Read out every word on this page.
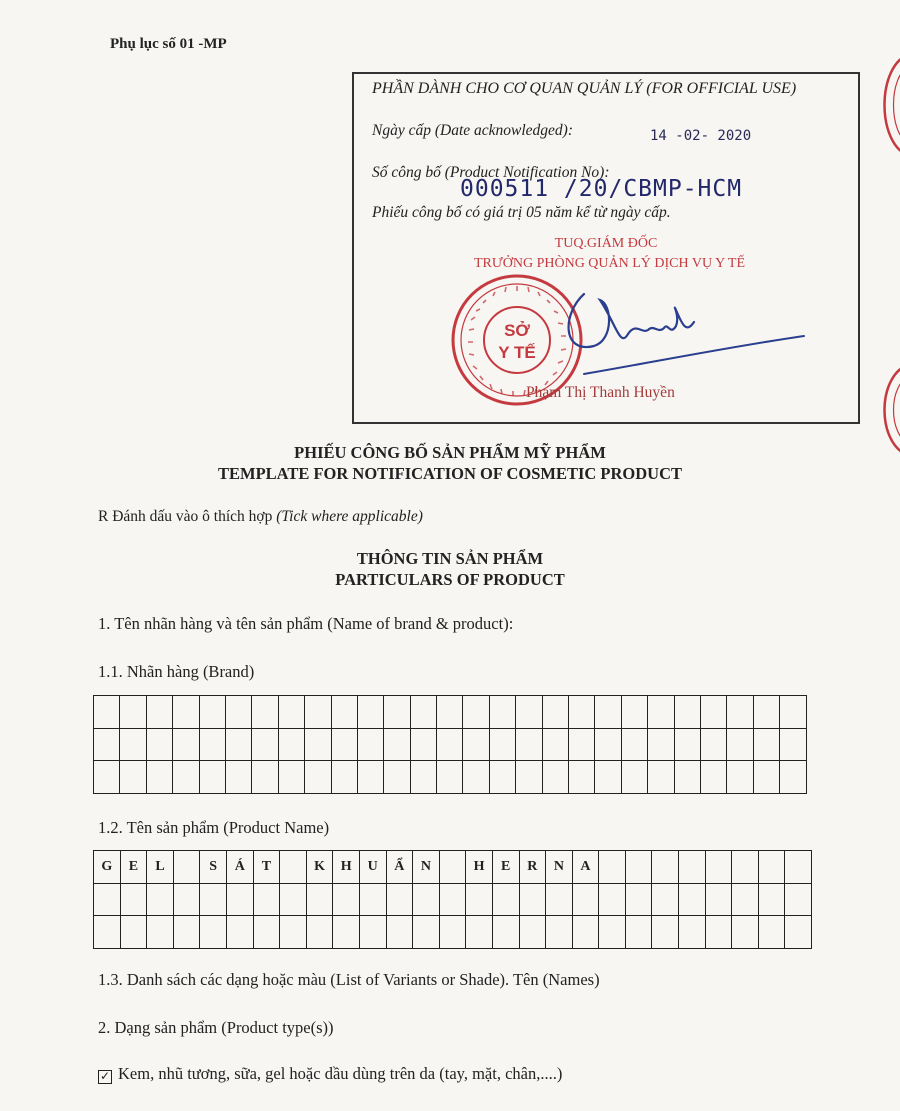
Phụ lục số 01 -MP
PHẦN DÀNH CHO CƠ QUAN QUẢN LÝ (FOR OFFICIAL USE)
Ngày cấp (Date acknowledged):	14 -02- 2020
Số công bố (Product Notification No):
000511 /20/CBMP-HCM
Phiếu công bố có giá trị 05 năm kể từ ngày cấp.
TUQ.GIÁM ĐỐC
TRƯỞNG PHÒNG QUẢN LÝ DỊCH VỤ Y TẾ
SỞ
Y TẾ
Phạm Thị Thanh Huyền
PHIẾU CÔNG BỐ SẢN PHẨM MỸ PHẨM
TEMPLATE FOR NOTIFICATION OF COSMETIC PRODUCT
R Đánh dấu vào ô thích hợp (Tick where applicable)
THÔNG TIN SẢN PHẨM
PARTICULARS OF PRODUCT
1. Tên nhãn hàng và tên sản phẩm (Name of brand & product):
1.1. Nhãn hàng (Brand)

1.2. Tên sản phẩm (Product Name)
G	E	L		S	Á	T		K	H	U	Ẩ	N		H	E	R	N	A								

1.3. Danh sách các dạng hoặc màu (List of Variants or Shade). Tên (Names)
2. Dạng sản phẩm (Product type(s))
✓ Kem, nhũ tương, sữa, gel hoặc dầu dùng trên da (tay, mặt, chân,....)
